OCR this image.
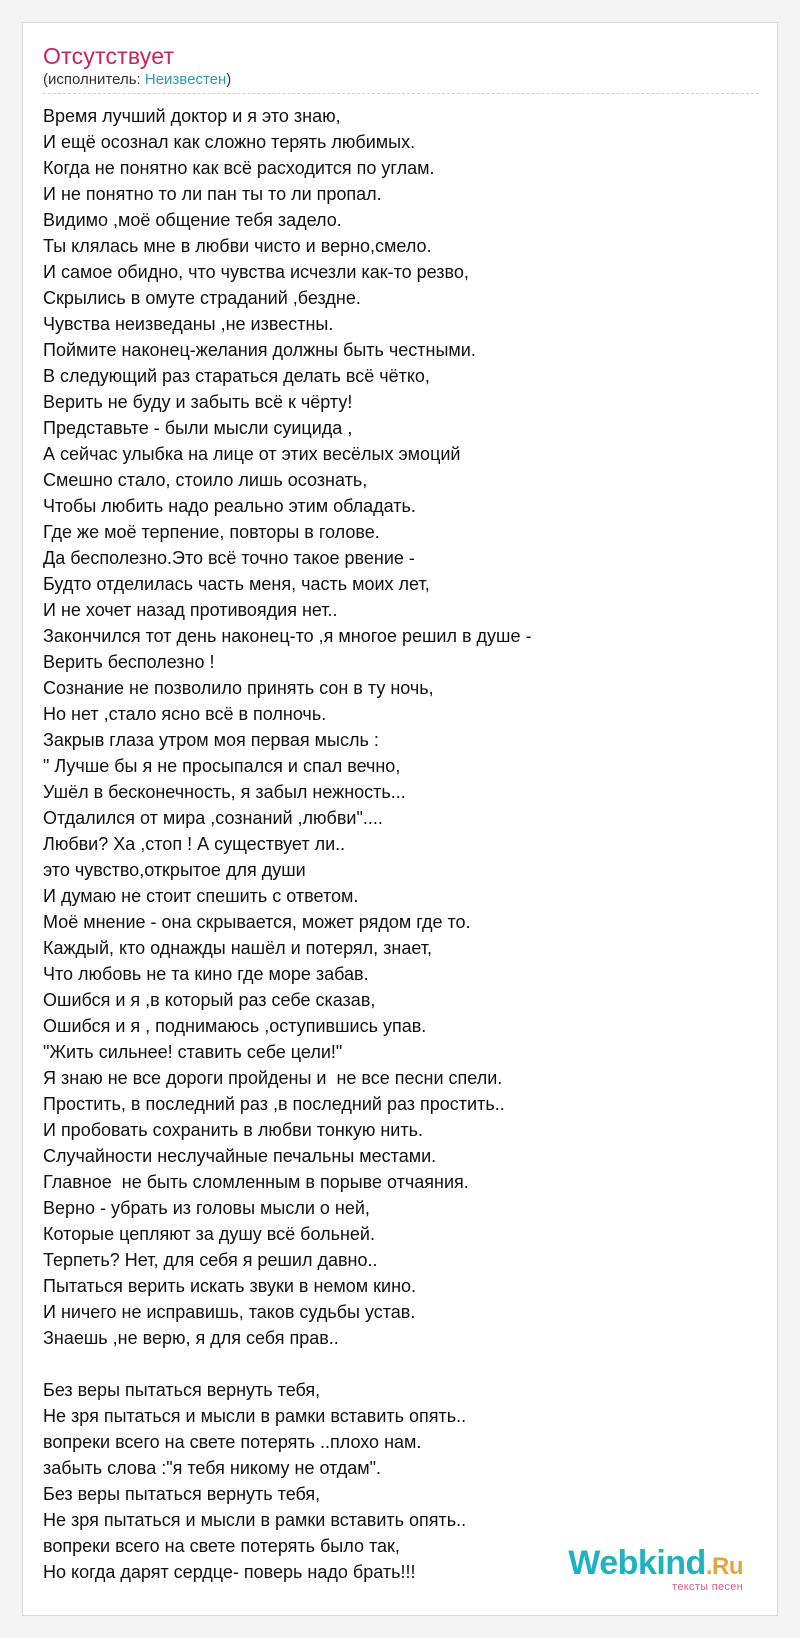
Отсутствует
(исполнитель: Неизвестен)
Время лучший доктор и я это знаю,
И ещё осознал как сложно терять любимых.
Когда не понятно как всё расходится по углам.
И не понятно то ли пан ты то ли пропал.
Видимо ,моё общение тебя задело.
Ты клялась мне в любви чисто и верно,смело.
И самое обидно, что чувства исчезли как-то резво,
Скрылись в омуте страданий ,бездне.
Чувства неизведаны ,не известны.
Поймите наконец-желания должны быть честными.
В следующий раз стараться делать всё чётко,
Верить не буду и забыть всё к чёрту!
Представьте - были мысли суицида ,
А сейчас улыбка на лице от этих весёлых эмоций
Смешно стало, стоило лишь осознать,
Чтобы любить надо реально этим обладать.
Где же моё терпение, повторы в голове.
Да бесполезно.Это всё точно такое рвение -
Будто отделилась часть меня, часть моих лет,
И не хочет назад противоядия нет..
Закончился тот день наконец-то ,я многое решил в душе -
Верить бесполезно !
Сознание не позволило принять сон в ту ночь,
Но нет ,стало ясно всё в полночь.
Закрыв глаза утром моя первая мысль :
" Лучше бы я не просыпался и спал вечно,
Ушёл в бесконечность, я забыл нежность...
Отдалился от мира ,сознаний ,любви"....
Любви? Ха ,стоп ! А существует ли..
это чувство,открытое для души
И думаю не стоит спешить с ответом.
Моё мнение - она скрывается, может рядом где то.
Каждый, кто однажды нашёл и потерял, знает,
Что любовь не та кино где море забав.
Ошибся и я ,в который раз себе сказав,
Ошибся и я , поднимаюсь ,оступившись упав.
"Жить сильнее! ставить себе цели!"
Я знаю не все дороги пройдены и  не все песни спели.
Простить, в последний раз ,в последний раз простить..
И пробовать сохранить в любви тонкую нить.
Случайности неслучайные печальны местами.
Главное  не быть сломленным в порыве отчаяния.
Верно - убрать из головы мысли о ней,
Которые цепляют за душу всё больней.
Терпеть? Нет, для себя я решил давно..
Пытаться верить искать звуки в немом кино.
И ничего не исправишь, таков судьбы устав.
Знаешь ,не верю, я для себя прав..
Без веры пытаться вернуть тебя,
Не зря пытаться и мысли в рамки вставить опять..
вопреки всего на свете потерять ..плохо нам.
забыть слова :"я тебя никому не отдам".
Без веры пытаться вернуть тебя,
Не зря пытаться и мысли в рамки вставить опять..
вопреки всего на свете потерять было так,
Но когда дарят сердце- поверь надо брать!!!	Webkind.Ru
тексты песен
